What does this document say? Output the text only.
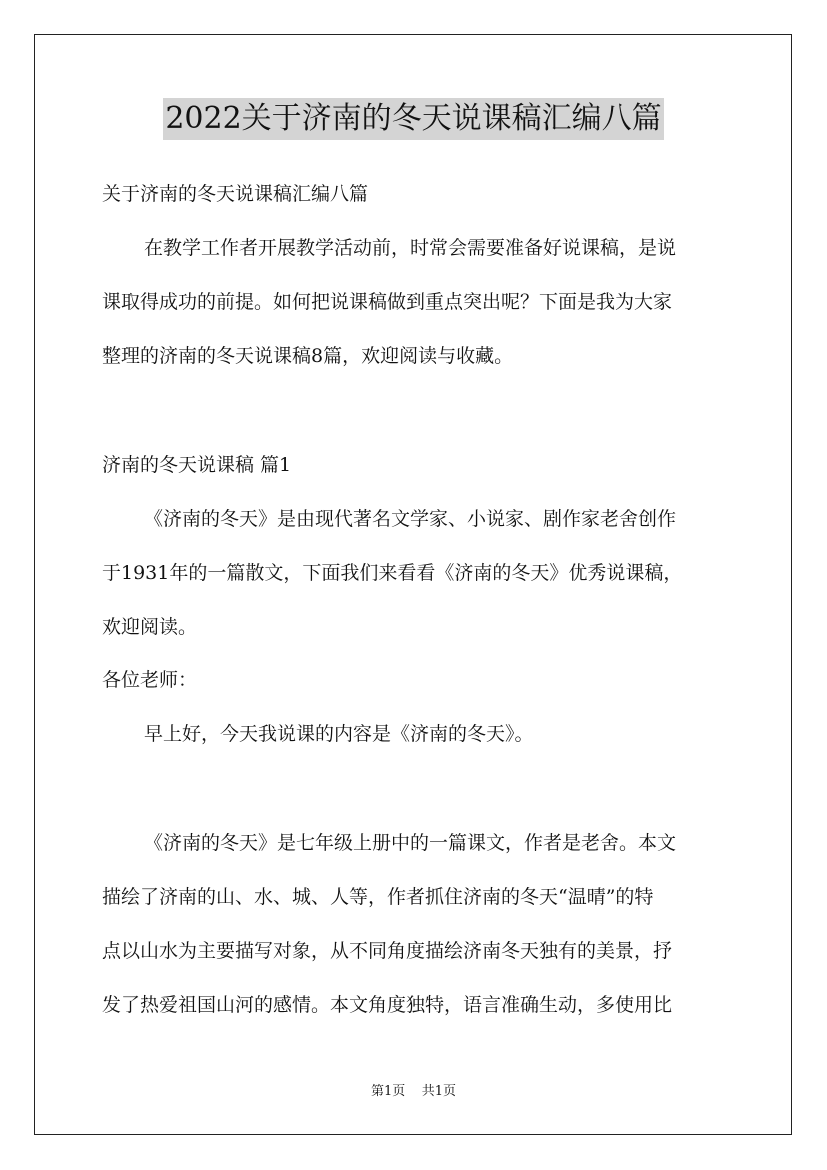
2022关于济南的冬天说课稿汇编八篇
关于济南的冬天说课稿汇编八篇
在教学工作者开展教学活动前，时常会需要准备好说课稿，是说
课取得成功的前提。如何把说课稿做到重点突出呢？下面是我为大家
整理的济南的冬天说课稿8篇，欢迎阅读与收藏。
济南的冬天说课稿 篇1
《济南的冬天》是由现代著名文学家、小说家、剧作家老舍创作
于1931年的一篇散文，下面我们来看看《济南的冬天》优秀说课稿，
欢迎阅读。
各位老师：
早上好，今天我说课的内容是《济南的冬天》。
《济南的冬天》是七年级上册中的一篇课文，作者是老舍。本文
描绘了济南的山、水、城、人等，作者抓住济南的冬天“温晴”的特
点以山水为主要描写对象，从不同角度描绘济南冬天独有的美景，抒
发了热爱祖国山河的感情。本文角度独特，语言准确生动，多使用比
第1页 共1页
